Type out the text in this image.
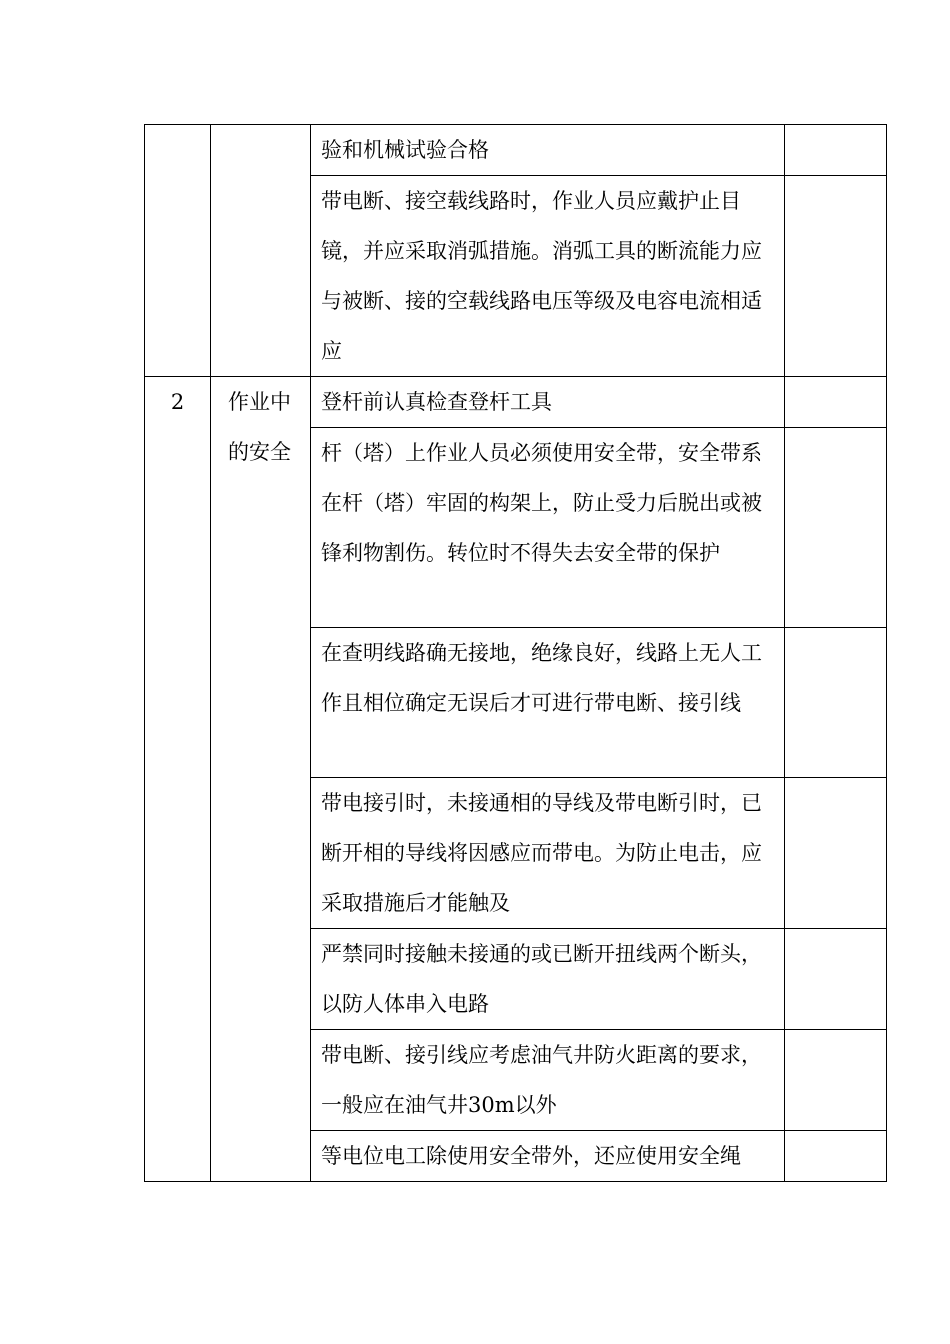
		验和机械试验合格	

		带电断、接空载线路时，作业人员应戴护止目镜，并应采取消弧措施。消弧工具的断流能力应与被断、接的空载线路电压等级及电容电流相适应	

2	作业中的安全	登杆前认真检查登杆工具	

		杆（塔）上作业人员必须使用安全带，安全带系在杆（塔）牢固的构架上，防止受力后脱出或被锋利物割伤。转位时不得失去安全带的保护	

		在查明线路确无接地，绝缘良好，线路上无人工作且相位确定无误后才可进行带电断、接引线	

		带电接引时，未接通相的导线及带电断引时，已断开相的导线将因感应而带电。为防止电击，应采取措施后才能触及	

		严禁同时接触未接通的或已断开扭线两个断头，以防人体串入电路	

		带电断、接引线应考虑油气井防火距离的要求，一般应在油气井30m以外	

		等电位电工除使用安全带外，还应使用安全绳	
